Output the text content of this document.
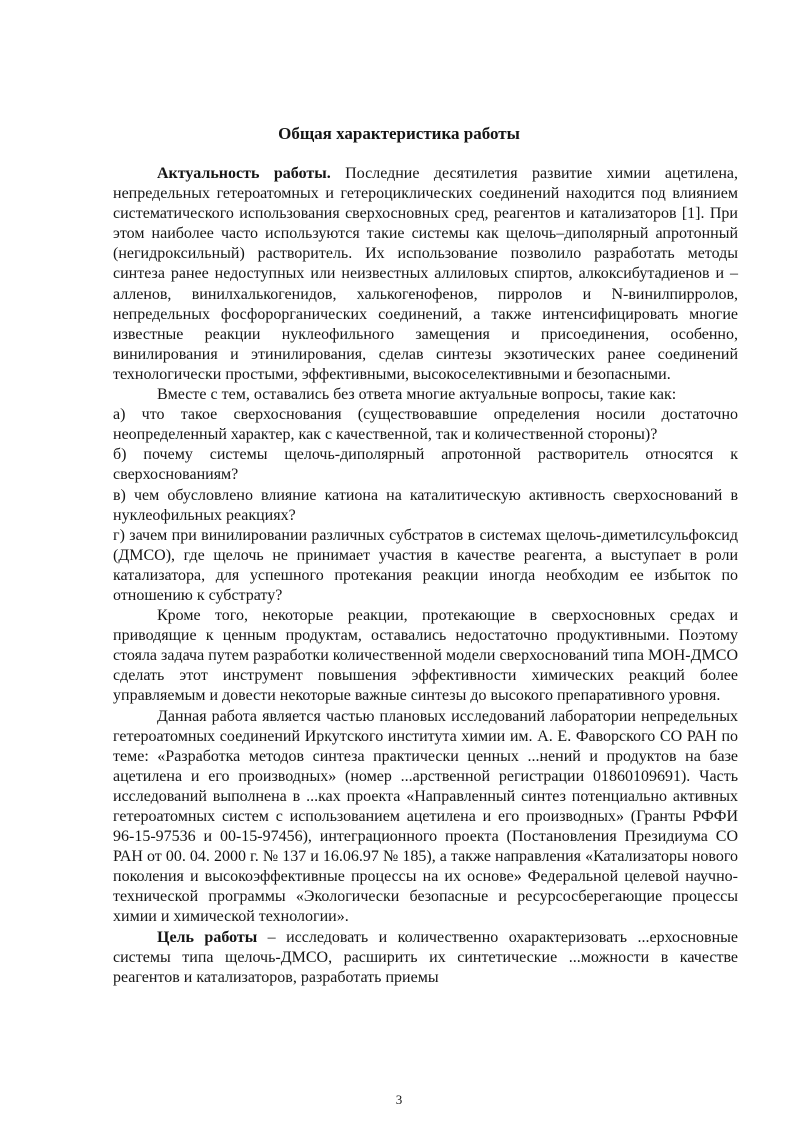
Общая характеристика работы

Актуальность работы. Последние десятилетия развитие химии ацетилена, непредельных гетероатомных и гетероциклических соединений находится под влиянием систематического использования сверхосновных сред, реагентов и катализаторов [1]. При этом наиболее часто используются такие системы как щелочь–диполярный апротонный (негидроксильный) растворитель. Их использование позволило разработать методы синтеза ранее недоступных или неизвестных аллиловых спиртов, алкоксибутадиенов и –алленов, винилхалькогенидов, халькогенофенов, пирролов и N-винилпирролов, непредельных фосфорорганических соединений, а также интенсифицировать многие известные реакции нуклеофильного замещения и присоединения, особенно, винилирования и этинилирования, сделав синтезы экзотических ранее соединений технологически простыми, эффективными, высокоселективными и безопасными.

Вместе с тем, оставались без ответа многие актуальные вопросы, такие как:

а) что такое сверхоснования (существовавшие определения носили достаточно неопределенный характер, как с качественной, так и количественной стороны)?

б) почему системы щелочь-диполярный апротонной растворитель относятся к сверхоснованиям?

в) чем обусловлено влияние катиона на каталитическую активность сверхоснований в нуклеофильных реакциях?

г) зачем при винилировании различных субстратов в системах щелочь-диметилсульфоксид (ДМСО), где щелочь не принимает участия в качестве реагента, а выступает в роли катализатора, для успешного протекания реакции иногда необходим ее избыток по отношению к субстрату?

Кроме того, некоторые реакции, протекающие в сверхосновных средах и приводящие к ценным продуктам, оставались недостаточно продуктивными. Поэтому стояла задача путем разработки количественной модели сверхоснований типа МОН-ДМСО сделать этот инструмент повышения эффективности химических реакций более управляемым и довести некоторые важные синтезы до высокого препаративного уровня.

Данная работа является частью плановых исследований лаборатории непредельных гетероатомных соединений Иркутского института химии им. А. Е. Фаворского СО РАН по теме: «Разработка методов синтеза практически ценных ...нений и продуктов на базе ацетилена и его производных» (номер ...арственной регистрации 01860109691). Часть исследований выполнена в ...ках проекта «Направленный синтез потенциально активных гетероатомных систем с использованием ацетилена и его производных» (Гранты РФФИ 96-15-97536 и 00-15-97456), интеграционного проекта (Постановления Президиума СО РАН от 00. 04. 2000 г. № 137 и 16.06.97 № 185), а также направления «Катализаторы нового поколения и высокоэффективные процессы на их основе» Федеральной целевой научно-технической программы «Экологически безопасные и ресурсосберегающие процессы химии и химической технологии».

Цель работы – исследовать и количественно охарактеризовать ...ерхосновные системы типа щелочь-ДМСО, расширить их синтетические ...можности в качестве реагентов и катализаторов, разработать приемы

3
